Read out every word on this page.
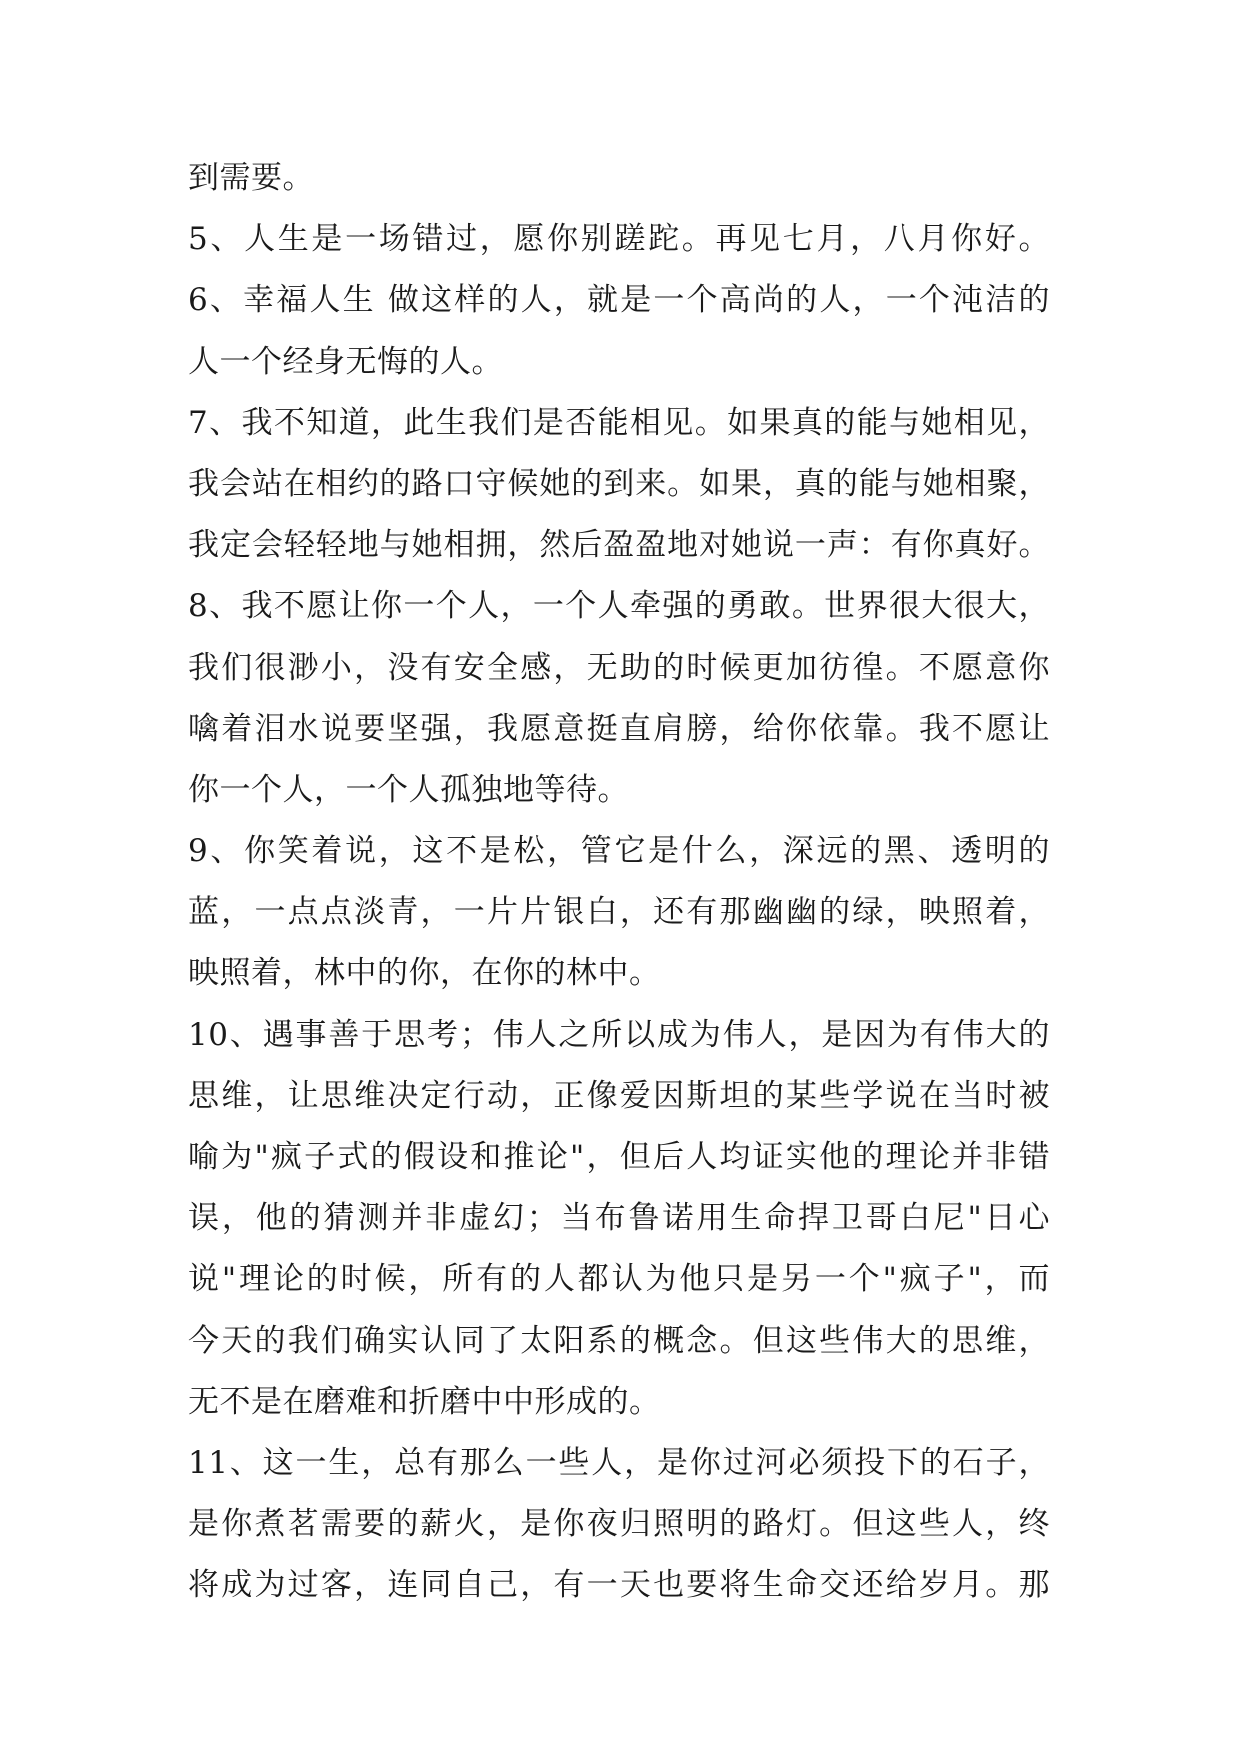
到需要。
5、人生是一场错过，愿你别蹉跎。再见七月，八月你好。
6、幸福人生 做这样的人，就是一个高尚的人，一个沌洁的
人一个经身无悔的人。
7、我不知道，此生我们是否能相见。如果真的能与她相见，
我会站在相约的路口守候她的到来。如果，真的能与她相聚，
我定会轻轻地与她相拥，然后盈盈地对她说一声：有你真好。
8、我不愿让你一个人，一个人牵强的勇敢。世界很大很大，
我们很渺小，没有安全感，无助的时候更加彷徨。不愿意你
噙着泪水说要坚强，我愿意挺直肩膀，给你依靠。我不愿让
你一个人，一个人孤独地等待。
9、你笑着说，这不是松，管它是什么，深远的黑、透明的
蓝，一点点淡青，一片片银白，还有那幽幽的绿，映照着，
映照着，林中的你，在你的林中。
10、遇事善于思考；伟人之所以成为伟人，是因为有伟大的
思维，让思维决定行动，正像爱因斯坦的某些学说在当时被
喻为"疯子式的假设和推论"，但后人均证实他的理论并非错
误，他的猜测并非虚幻；当布鲁诺用生命捍卫哥白尼"日心
说"理论的时候，所有的人都认为他只是另一个"疯子"，而
今天的我们确实认同了太阳系的概念。但这些伟大的思维，
无不是在磨难和折磨中中形成的。
11、这一生，总有那么一些人，是你过河必须投下的石子，
是你煮茗需要的薪火，是你夜归照明的路灯。但这些人，终
将成为过客，连同自己，有一天也要将生命交还给岁月。那
